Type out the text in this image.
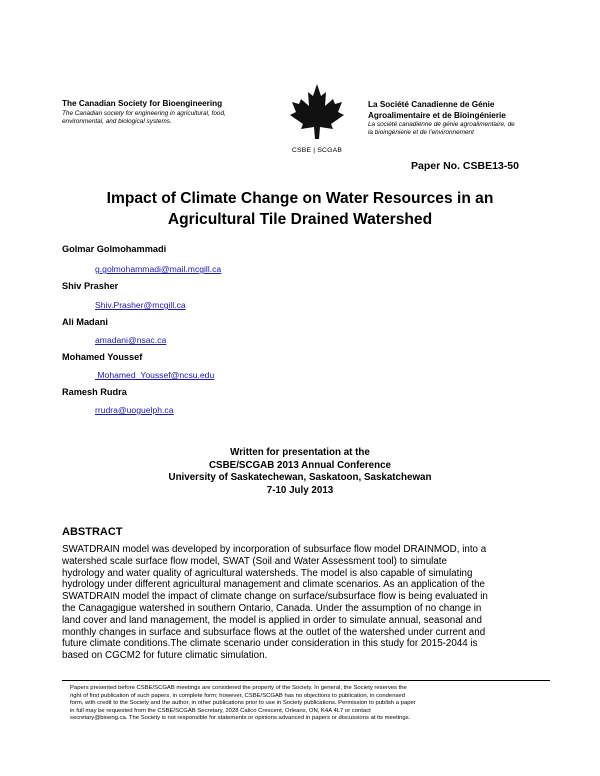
The Canadian Society for Bioengineering
The Canadian society for engineering in agricultural, food,
environmental, and biological systems.
CSBE | SCGAB
La Société Canadienne de Génie
Agroalimentaire et de Bioingénierie
La société canadienne de génie agroalimentaire, de
la bioingénierie et de l’environnement
Paper No. CSBE13-50
Impact of Climate Change on Water Resources in an
Agricultural Tile Drained Watershed
Golmar Golmohammadi
g.golmohammadi@mail.mcgill.ca
Shiv Prasher
Shiv.Prasher@mcgill.ca
Ali Madani
amadani@nsac.ca
Mohamed Youssef
Mohamed_Youssef@ncsu.edu
Ramesh Rudra
rrudra@uoguelph.ca
Written for presentation at the
CSBE/SCGAB 2013 Annual Conference
University of Saskatechewan, Saskatoon, Saskatchewan
7-10 July 2013
ABSTRACT
SWATDRAIN model was developed by incorporation of subsurface flow model DRAINMOD, into a
watershed scale surface flow model, SWAT (Soil and Water Assessment tool) to simulate
hydrology and water quality of agricultural watersheds. The model is also capable of simulating
hydrology under different agricultural management and climate scenarios. As an application of the
SWATDRAIN model the impact of climate change on surface/subsurface flow is being evaluated in
the Canagagigue watershed in southern Ontario, Canada. Under the assumption of no change in
land cover and land management, the model is applied in order to simulate annual, seasonal and
monthly changes in surface and subsurface flows at the outlet of the watershed under current and
future climate conditions.The climate scenario under consideration in this study for 2015-2044 is
based on CGCM2 for future climatic simulation.
Papers presented before CSBE/SCGAB meetings are considered the property of the Society. In general, the Society reserves the
right of first publication of such papers, in complete form; however, CSBE/SCGAB has no objections to publication, in condensed
form, with credit to the Society and the author, in other publications prior to use in Society publications. Permission to publish a paper
in full may be requested from the CSBE/SCGAB Secretary, 2028 Calico Crescent, Orleans, ON, K4A 4L7 or contact
secretary@bioeng.ca. The Society is not responsible for statements or opinions advanced in papers or discussions at its meetings.
